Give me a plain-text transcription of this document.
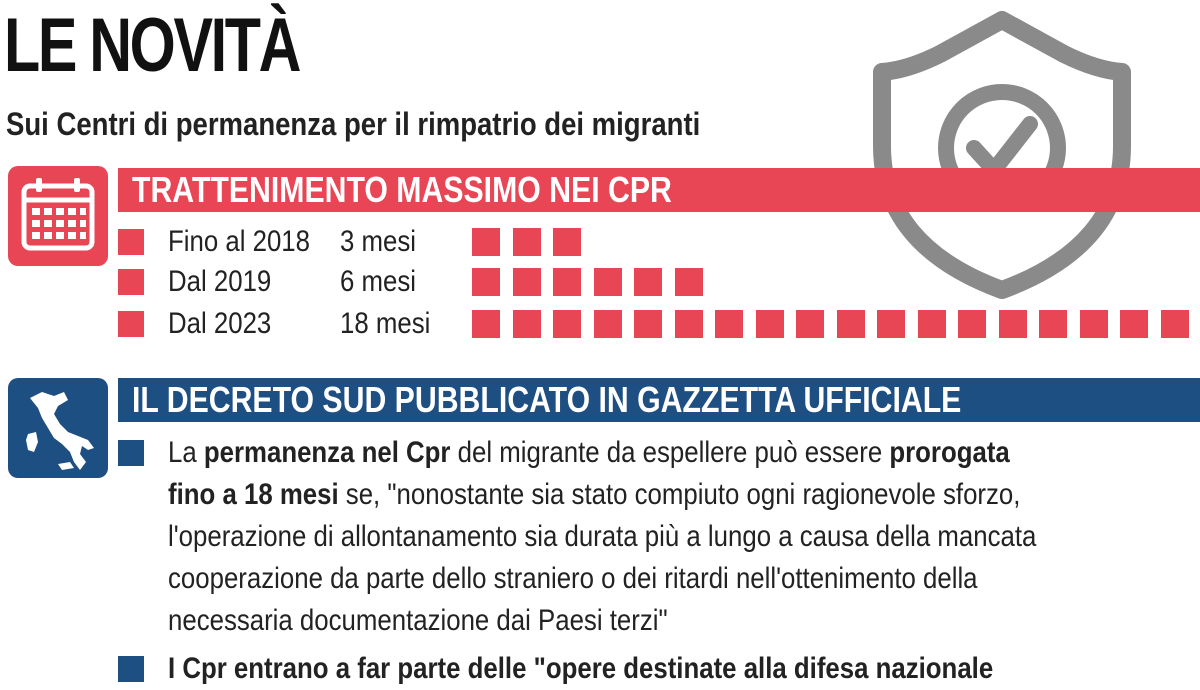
LE NOVITÀ
Sui Centri di permanenza per il rimpatrio dei migranti
TRATTENIMENTO MASSIMO NEI CPR
Fino al 2018 3 mesi
Dal 2019 6 mesi
Dal 2023 18 mesi
IL DECRETO SUD PUBBLICATO IN GAZZETTA UFFICIALE
La permanenza nel Cpr del migrante da espellere può essere prorogata fino a 18 mesi se, "nonostante sia stato compiuto ogni ragionevole sforzo, l'operazione di allontanamento sia durata più a lungo a causa della mancata cooperazione da parte dello straniero o dei ritardi nell'ottenimento della necessaria documentazione dai Paesi terzi"
I Cpr entrano a far parte delle "opere destinate alla difesa nazionale
